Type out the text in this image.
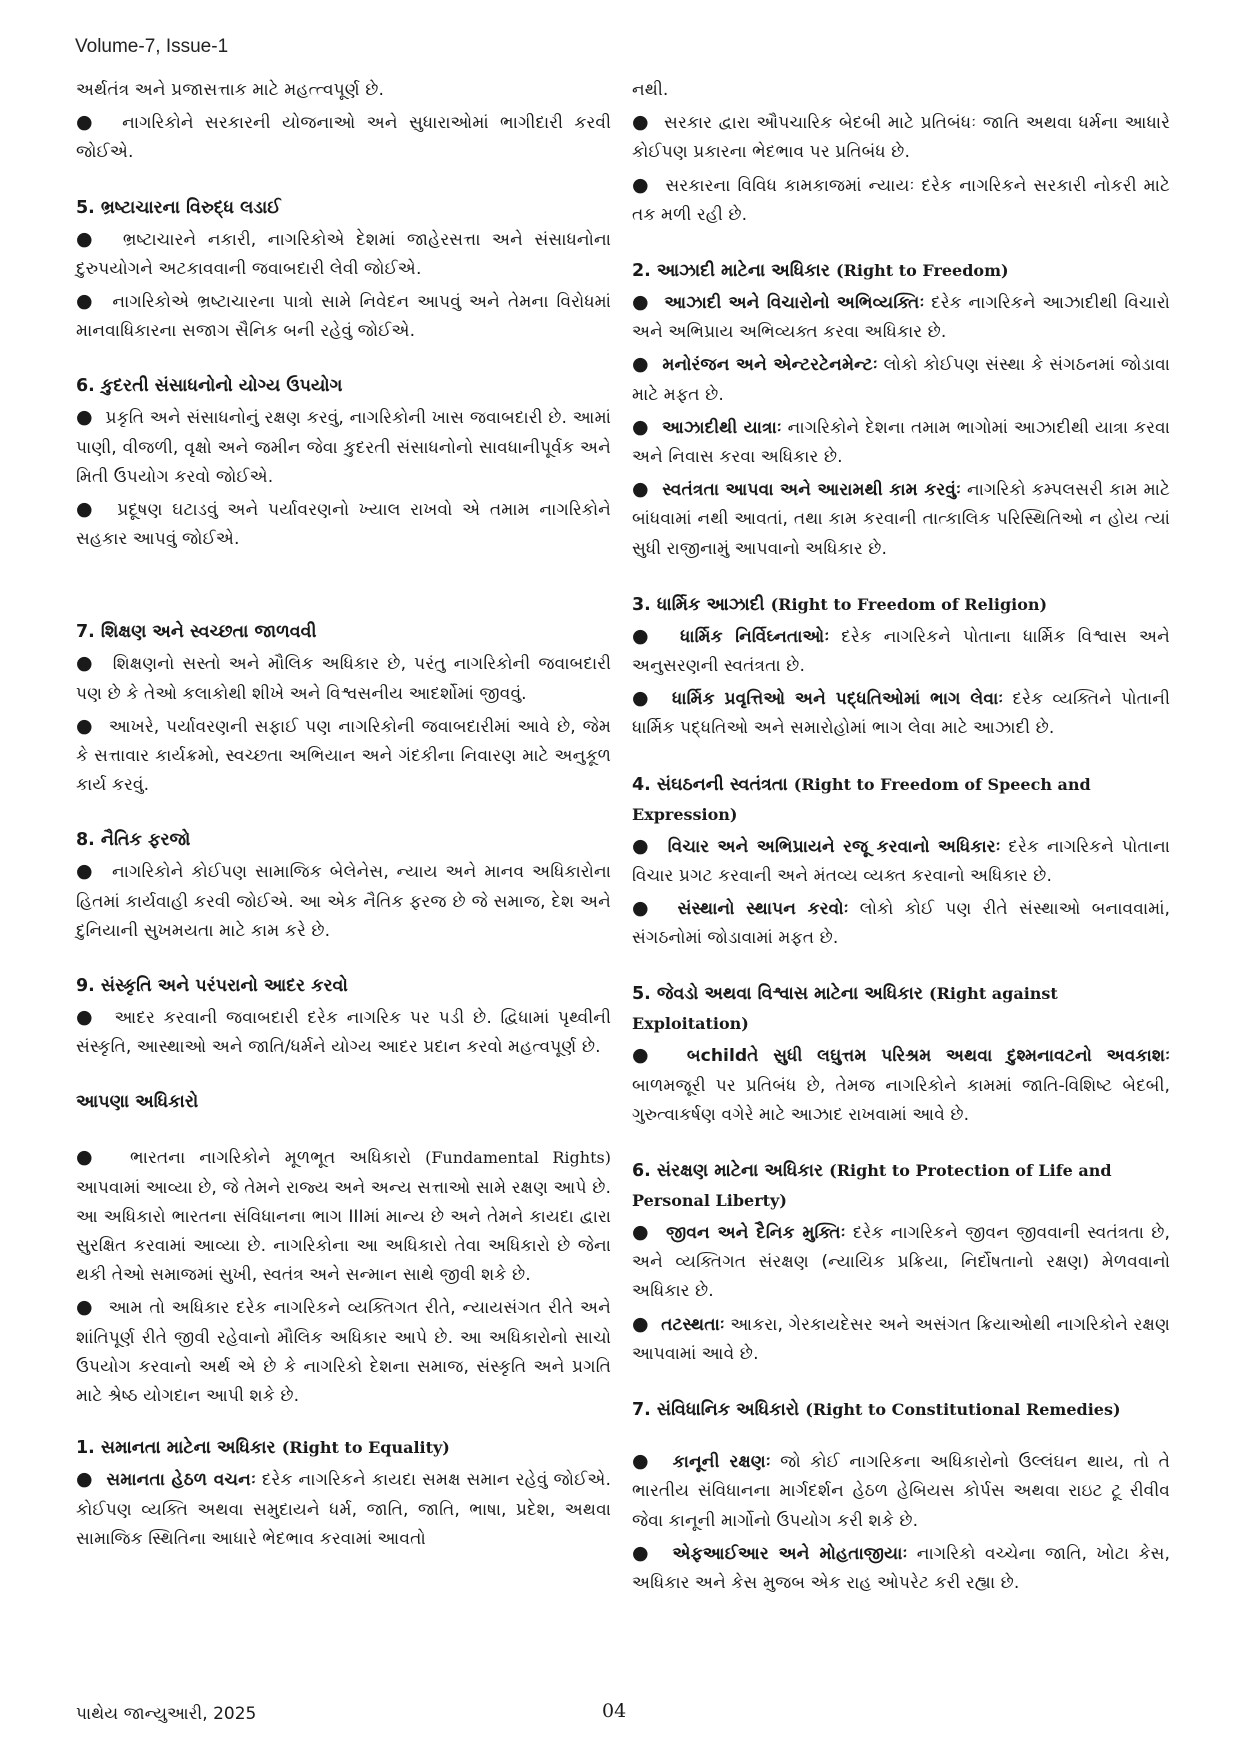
Volume-7, Issue-1

અર્થતંત્ર અને પ્રજાસત્તાક માટે મહત્ત્વપૂર્ણ છે.

●  નાગરિકોને સરકારની યોજનાઓ અને સુધારાઓમાં ભાગીદારી કરવી જોઈએ.

5. ભ્રષ્ટાચારના વિરુદ્ધ લડાઈ

●  ભ્રષ્ટાચારને નકારી, નાગરિકોએ દેશમાં જાહેરસત્તા અને સંસાધનોના દુરુપયોગને અટકાવવાની જવાબદારી લેવી જોઈએ.

●  નાગરિકોએ ભ્રષ્ટાચારના પાત્રો સામે નિવેદન આપવું અને તેમના વિરોધમાં માનવાધિકારના સજાગ સૈનિક બની રહેવું જોઈએ.

6. કુદરતી સંસાધનોનો યોગ્ય ઉપયોગ

●  પ્રકૃતિ અને સંસાધનોનું રક્ષણ કરવું, નાગરિકોની ખાસ જવાબદારી છે. આમાં પાણી, વીજળી, વૃક્ષો અને જમીન જેવા કુદરતી સંસાધનોનો સાવધાનીપૂર્વક અને મિતી ઉપયોગ કરવો જોઈએ.

●  પ્રદૂષણ ઘટાડવું અને પર્યાવરણનો ખ્યાલ રાખવો એ તમામ નાગરિકોને સહકાર આપવું જોઈએ.

7. શિક્ષણ અને સ્વચ્છતા જાળવવી

●  શિક્ષણનો સસ્તો અને મૌલિક અધિકાર છે, પરંતુ નાગરિકોની જવાબદારી પણ છે કે તેઓ કલાકોથી શીખે અને વિશ્વસનીય આદર્શોમાં જીવવું.

●  આખરે, પર્યાવરણની સફાઈ પણ નાગરિકોની જવાબદારીમાં આવે છે, જેમ કે સત્તાવાર કાર્યક્રમો, સ્વચ્છતા અભિયાન અને ગંદકીના નિવારણ માટે અનુકૂળ કાર્ય કરવું.

8. નૈતિક ફરજો

●  નાગરિકોને કોઈપણ સામાજિક બેલેનેસ, ન્યાય અને માનવ અધિકારોના હિતમાં કાર્યવાહી કરવી જોઈએ. આ એક નૈતિક ફરજ છે જે સમાજ, દેશ અને દુનિયાની સુખમયતા માટે કામ કરે છે.

9. સંસ્કૃતિ અને પરંપરાનો આદર કરવો

●  આદર કરવાની જવાબદારી દરેક નાગરિક પર પડી છે. દ્વિધામાં પૃથ્વીની સંસ્કૃતિ, આસ્થાઓ અને જાતિ/ધર્મને યોગ્ય આદર પ્રદાન કરવો મહત્વપૂર્ણ છે.

આપણા અધિકારો

●  ભારતના નાગરિકોને મૂળભૂત અધિકારો (Fundamental Rights) આપવામાં આવ્યા છે, જે તેમને રાજ્ય અને અન્ય સત્તાઓ સામે રક્ષણ આપે છે. આ અધિકારો ભારતના સંવિધાનના ભાગ IIIમાં માન્ય છે અને તેમને કાયદા દ્વારા સુરક્ષિત કરવામાં આવ્યા છે. નાગરિકોના આ અધિકારો તેવા અધિકારો છે જેના થકી તેઓ સમાજમાં સુખી, સ્વતંત્ર અને સન્માન સાથે જીવી શકે છે.

●  આમ તો અધિકાર દરેક નાગરિકને વ્યક્તિગત રીતે, ન્યાયસંગત રીતે અને શાંતિપૂર્ણ રીતે જીવી રહેવાનો મૌલિક અધિકાર આપે છે. આ અધિકારોનો સાચો ઉપયોગ કરવાનો અર્થ એ છે કે નાગરિકો દેશના સમાજ, સંસ્કૃતિ અને પ્રગતિ માટે શ્રેષ્ઠ યોગદાન આપી શકે છે.

1. સમાનતા માટેના અધિકાર (Right to Equality)

●  સમાનતા હેઠળ વચનઃ દરેક નાગરિકને કાયદા સમક્ષ સમાન રહેવું જોઈએ. કોઈપણ વ્યક્તિ અથવા સમુદાયને ધર્મ, જાતિ, જાતિ, ભાષા, પ્રદેશ, અથવા સામાજિક સ્થિતિના આધારે ભેદભાવ કરવામાં આવતો

નથી.

●  સરકાર દ્વારા ઔપચારિક બેદબી માટે પ્રતિબંધઃ જાતિ અથવા ધર્મના આધારે કોઈપણ પ્રકારના ભેદભાવ પર પ્રતિબંધ છે.

●  સરકારના વિવિધ કામકાજમાં ન્યાયઃ દરેક નાગરિકને સરકારી નોકરી માટે તક મળી રહી છે.

2. આઝાદી માટેના અધિકાર (Right to Freedom)

●  આઝાદી અને વિચારોનો અભિવ્યક્તિઃ દરેક નાગરિકને આઝાદીથી વિચારો અને અભિપ્રાય અભિવ્યક્ત કરવા અધિકાર છે.

●  મનોરંજન અને એન્ટરટેનમેન્ટઃ લોકો કોઈપણ સંસ્થા કે સંગઠનમાં જોડાવા માટે મફત છે.

●  આઝાદીથી યાત્રાઃ નાગરિકોને દેશના તમામ ભાગોમાં આઝાદીથી યાત્રા કરવા અને નિવાસ કરવા અધિકાર છે.

●  સ્વતંત્રતા આપવા અને આરામથી કામ કરવુંઃ નાગરિકો કમ્પલસરી કામ માટે બાંધવામાં નથી આવતાં, તથા કામ કરવાની તાત્કાલિક પરિસ્થિતિઓ ન હોય ત્યાં સુધી રાજીનામું આપવાનો અધિકાર છે.

3. ધાર્મિક આઝાદી (Right to Freedom of Religion)

●  ધાર્મિક નિર્વિઘ્નતાઓઃ દરેક નાગરિકને પોતાના ધાર્મિક વિશ્વાસ અને અનુસરણની સ્વતંત્રતા છે.

●  ધાર્મિક પ્રવૃત્તિઓ અને પદ્ધતિઓમાં ભાગ લેવાઃ દરેક વ્યક્તિને પોતાની ધાર્મિક પદ્ધતિઓ અને સમારોહોમાં ભાગ લેવા માટે આઝાદી છે.

4. સંઘઠનની સ્વતંત્રતા (Right to Freedom of Speech and Expression)

●  વિચાર અને અભિપ્રાયને રજૂ કરવાનો અધિકારઃ દરેક નાગરિકને પોતાના વિચાર પ્રગટ કરવાની અને મંતવ્ય વ્યક્ત કરવાનો અધિકાર છે.

●  સંસ્થાનો સ્થાપન કરવોઃ લોકો કોઈ પણ રીતે સંસ્થાઓ બનાવવામાં, સંગઠનોમાં જોડાવામાં મફત છે.

5. જેવડો અથવા વિશ્વાસ માટેના અધિકાર (Right against Exploitation)

●  બchildતે સુધી લઘુત્તમ પરિશ્રમ અથવા દુશ્મનાવટનો અવકાશઃ બાળમજૂરી પર પ્રતિબંધ છે, તેમજ નાગરિકોને કામમાં જાતિ-વિશિષ્ટ બેદબી, ગુરુત્વાકર્ષણ વગેરે માટે આઝાદ રાખવામાં આવે છે.

6. સંરક્ષણ માટેના અધિકાર (Right to Protection of Life and Personal Liberty)

●  જીવન અને દૈનિક મુક્તિઃ દરેક નાગરિકને જીવન જીવવાની સ્વતંત્રતા છે, અને વ્યક્તિગત સંરક્ષણ (ન્યાયિક પ્રક્રિયા, નિર્દોષતાનો રક્ષણ) મેળવવાનો અધિકાર છે.

●  તટસ્થતાઃ આકરા, ગેરકાયદેસર અને અસંગત ક્રિયાઓથી નાગરિકોને રક્ષણ આપવામાં આવે છે.

7. સંવિધાનિક અધિકારો (Right to Constitutional Remedies)

●  કાનૂની રક્ષણઃ જો કોઈ નાગરિકના અધિકારોનો ઉલ્લંઘન થાય, તો તે ભારતીય સંવિધાનના માર્ગદર્શન હેઠળ હેબિયસ કોર્પસ અથવા રાઇટ ટૂ રીવીવ જેવા કાનૂની માર્ગોનો ઉપયોગ કરી શકે છે.

●  એફઆઈઆર અને મોહતાજીયાઃ નાગરિકો વચ્ચેના જાતિ, ખોટા કેસ, અધિકાર અને કેસ મુજબ એક રાહ ઓપરેટ કરી રહ્યા છે.

પાથેય જાન્યુઆરી, 2025	04
